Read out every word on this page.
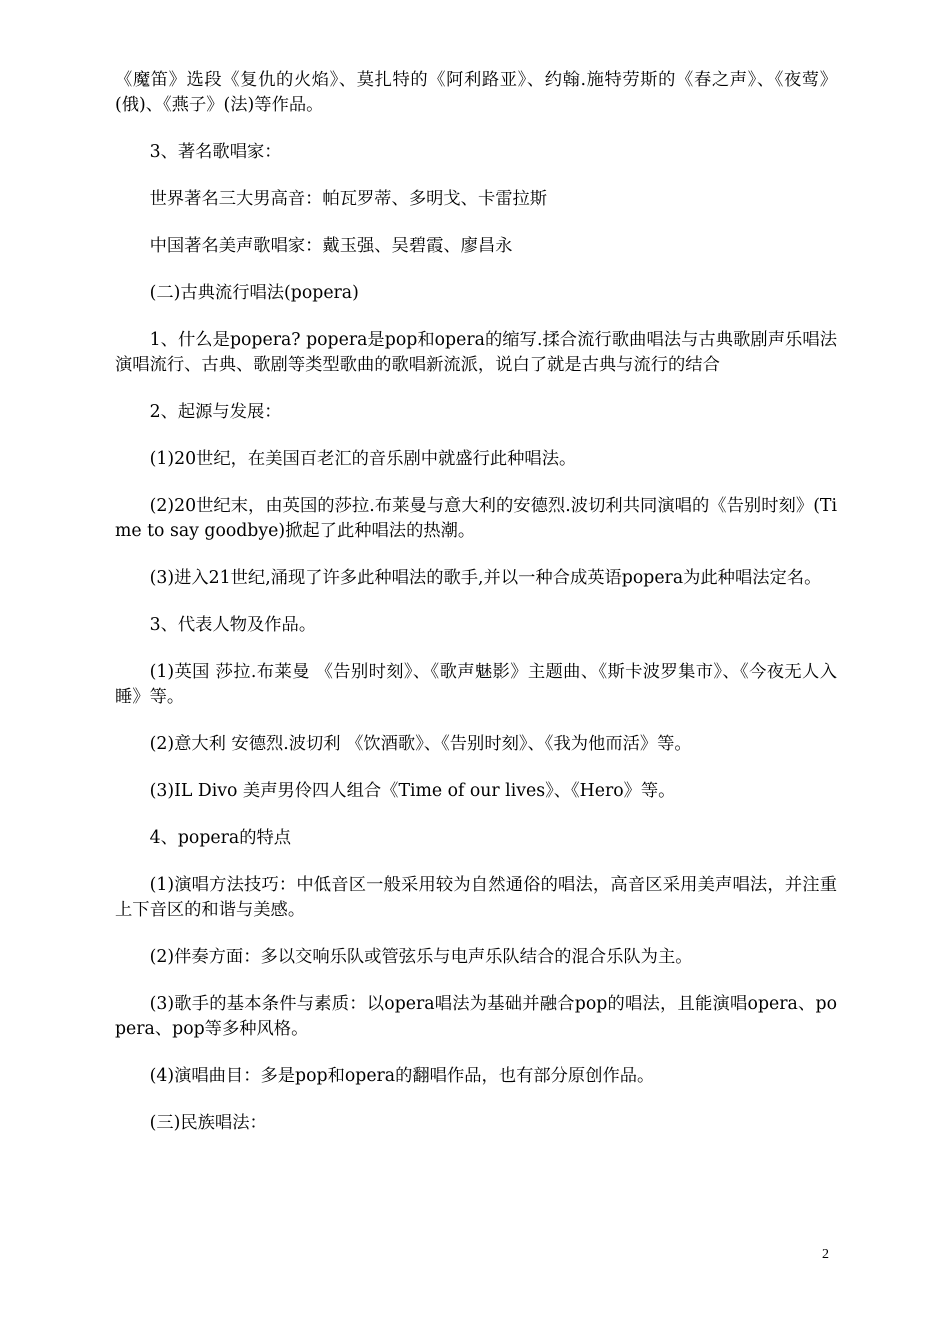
《魔笛》选段《复仇的火焰》、莫扎特的《阿利路亚》、约翰.施特劳斯的《春之声》、《夜莺》(俄)、《燕子》(法)等作品。

3、著名歌唱家：

世界著名三大男高音：帕瓦罗蒂、多明戈、卡雷拉斯

中国著名美声歌唱家：戴玉强、吴碧霞、廖昌永

(二)古典流行唱法(popera)

1、什么是popera? popera是pop和opera的缩写.揉合流行歌曲唱法与古典歌剧声乐唱法演唱流行、古典、歌剧等类型歌曲的歌唱新流派，说白了就是古典与流行的结合

2、起源与发展：

(1)20世纪，在美国百老汇的音乐剧中就盛行此种唱法。

(2)20世纪末，由英国的莎拉.布莱曼与意大利的安德烈.波切利共同演唱的《告别时刻》(Time to say goodbye)掀起了此种唱法的热潮。

(3)进入21世纪,涌现了许多此种唱法的歌手,并以一种合成英语popera为此种唱法定名。

3、代表人物及作品。

(1)英国 莎拉.布莱曼 《告别时刻》、《歌声魅影》主题曲、《斯卡波罗集市》、《今夜无人入睡》等。

(2)意大利 安德烈.波切利 《饮酒歌》、《告别时刻》、《我为他而活》等。

(3)IL Divo 美声男伶四人组合《Time of our lives》、《Hero》等。

4、popera的特点

(1)演唱方法技巧：中低音区一般采用较为自然通俗的唱法，高音区采用美声唱法，并注重上下音区的和谐与美感。

(2)伴奏方面：多以交响乐队或管弦乐与电声乐队结合的混合乐队为主。

(3)歌手的基本条件与素质：以opera唱法为基础并融合pop的唱法，且能演唱opera、popera、pop等多种风格。

(4)演唱曲目：多是pop和opera的翻唱作品，也有部分原创作品。

(三)民族唱法：

2
